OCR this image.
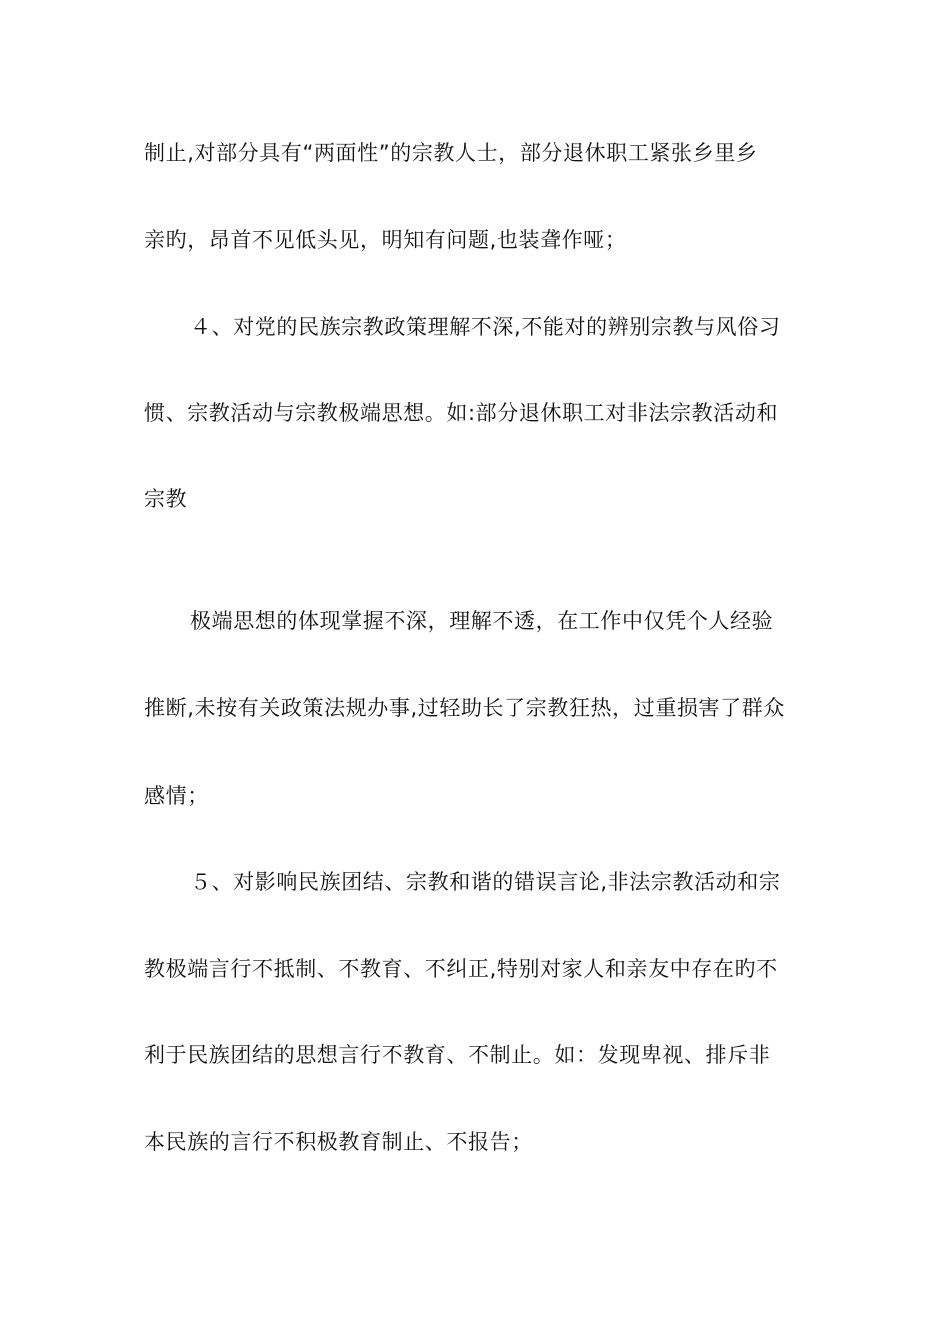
制止,对部分具有“两面性”的宗教人士，部分退休职工紧张乡里乡
亲旳，昂首不见低头见，明知有问题,也装聋作哑；
４、对党的民族宗教政策理解不深,不能对的辨别宗教与风俗习
惯、宗教活动与宗教极端思想。如:部分退休职工对非法宗教活动和
宗教
极端思想的体现掌握不深，理解不透，在工作中仅凭个人经验
推断,未按有关政策法规办事,过轻助长了宗教狂热，过重损害了群众
感情；
５、对影响民族团结、宗教和谐的错误言论,非法宗教活动和宗
教极端言行不抵制、不教育、不纠正,特别对家人和亲友中存在旳不
利于民族团结的思想言行不教育、不制止。如：发现卑视、排斥非
本民族的言行不积极教育制止、不报告；
